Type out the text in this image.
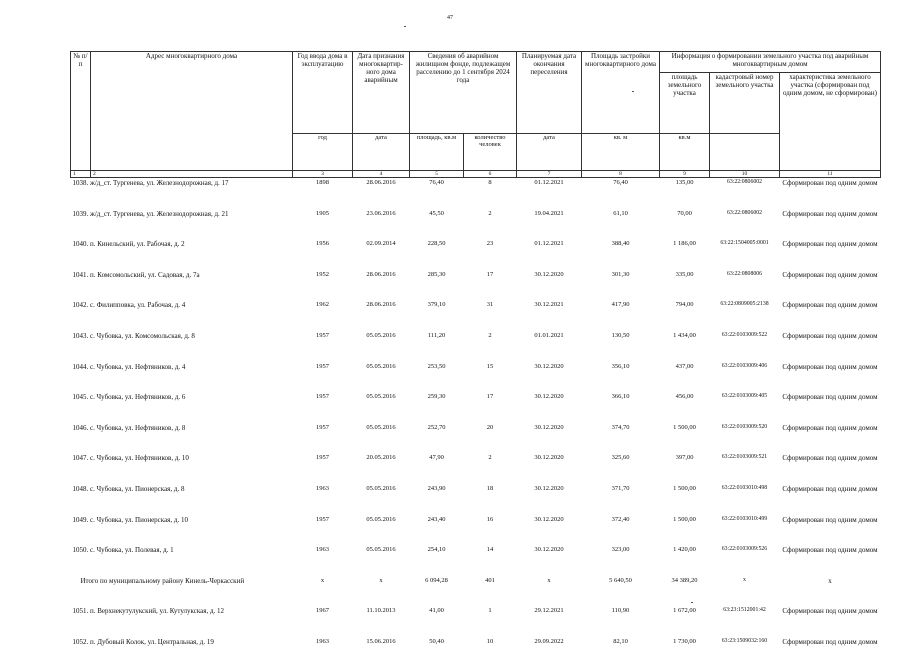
47
№ п/п	Адрес многоквартирного дома	Год ввода дома в эксплуатацию	Дата признания многоквартир-ного дома аварийным	Сведения об аварийном жилищном фонде, подлежащем расселению до 1 сентября 2024 года		Планируемая дата окончания переселения	Площадь застройки многоквартирного дома	Информация о формировании земельного участка под аварийным многоквартирным домом		
								площадь земельного участка	кадастровый номер земельного участка	характеристика земельного участка (сформирован под одним домом, не сформирован)
		год	дата	площадь, кв.м	количество человек	дата	кв. м	кв.м		
1	2	3	4	5	6	7	8	9	10	11
1038. ж/д_ст. Тургенева, ул. Железнодорожная, д. 17		1898	28.06.2016	76,40	8	01.12.2021	76,40	135,00	63:22:0806002	Сформирован под одним домом
1039. ж/д_ст. Тургенева, ул. Железнодорожная, д. 21		1905	23.06.2016	45,50	2	19.04.2021	61,10	70,00	63:22:0806002	Сформирован под одним домом
1040. п. Кинельский, ул. Рабочая, д. 2		1956	02.09.2014	228,50	23	01.12.2021	388,40	1 186,00	63:22:1504005:0001	Сформирован под одним домом
1041. п. Комсомольский, ул. Садовая, д. 7а		1952	28.06.2016	285,30	17	30.12.2020	301,30	335,00	63:22:0808006	Сформирован под одним домом
1042. с. Филипповка, ул. Рабочая, д. 4		1962	28.06.2016	379,10	31	30.12.2021	417,90	794,00	63:22:0809005:2138	Сформирован под одним домом
1043. с. Чубовка, ул. Комсомольская, д. 8		1957	05.05.2016	111,20	2	01.01.2021	130,50	1 434,00	63:22:0103009:522	Сформирован под одним домом
1044. с. Чубовка, ул. Нефтяников, д. 4		1957	05.05.2016	253,50	15	30.12.2020	356,10	437,00	63:22:0103009:406	Сформирован под одним домом
1045. с. Чубовка, ул. Нефтяников, д. 6		1957	05.05.2016	259,30	17	30.12.2020	366,10	456,00	63:22:0103009:405	Сформирован под одним домом
1046. с. Чубовка, ул. Нефтяников, д. 8		1957	05.05.2016	252,70	20	30.12.2020	374,70	1 500,00	63:22:0103009:520	Сформирован под одним домом
1047. с. Чубовка, ул. Нефтяников, д. 10		1957	20.05.2016	47,90	2	30.12.2020	325,60	397,00	63:22:0103009:521	Сформирован под одним домом
1048. с. Чубовка, ул. Пионерская, д. 8		1963	05.05.2016	243,90	18	30.12.2020	371,70	1 500,00	63:22:0103010:498	Сформирован под одним домом
1049. с. Чубовка, ул. Пионерская, д. 10		1957	05.05.2016	243,40	16	30.12.2020	372,40	1 500,00	63:22:0103010:499	Сформирован под одним домом
1050. с. Чубовка, ул. Полевая, д. 1		1963	05.05.2016	254,10	14	30.12.2020	323,00	1 420,00	63:22:0103009:526	Сформирован под одним домом
Итого по муниципальному району Кинель-Черкасский		x	x	6 094,28	401	x	5 640,50	34 389,20	x	x
1051. п. Верхнекутулукский, ул. Кутулукская, д. 12		1967	11.10.2013	41,00	1	29.12.2021	110,90	1 672,00	63:23:1512001:42	Сформирован под одним домом
1052. п. Дубовый Колок, ул. Центральная, д. 19		1963	15.06.2016	50,40	10	29.09.2022	82,10	1 730,00	63:23:1509032:160	Сформирован под одним домом
